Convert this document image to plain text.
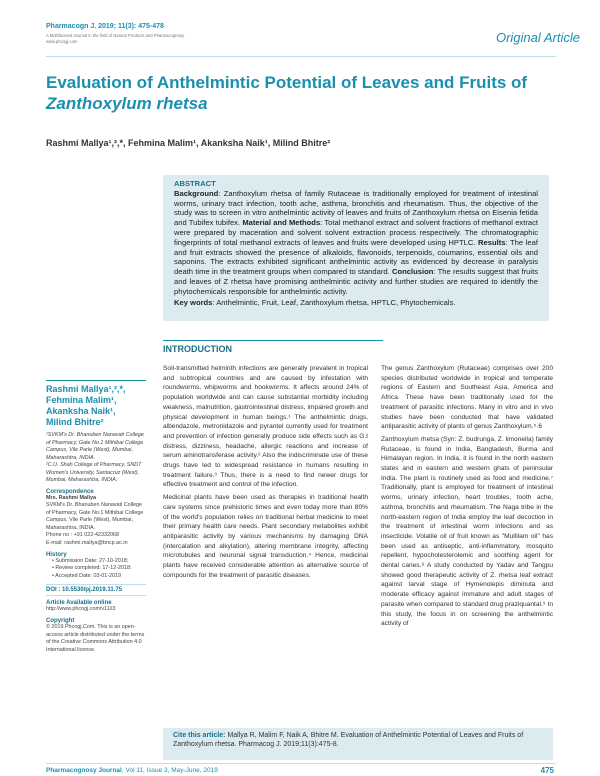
Pharmacogn J. 2019; 11(3): 475-478
A Multifaceted Journal in the field of Natural Products and Pharmacognosy
www.phcogj.com	Original Article
Evaluation of Anthelmintic Potential of Leaves and Fruits of
Zanthoxylum rhetsa
Rashmi Mallya¹,²,*, Fehmina Malim¹, Akanksha Naik¹, Milind Bhitre²
ABSTRACT
Background: Zanthoxylum rhetsa of family Rutaceae is traditionally employed for treatment of intestinal worms, urinary tract infection, tooth ache, asthma, bronchitis and rheumatism. Thus, the objective of the study was to screen in vitro anthelmintic activity of leaves and fruits of Zanthoxylum rhetsa on Eisenia fetida and Tubifex tubifex. Material and Methods: Total methanol extract and solvent fractions of methanol extract were prepared by maceration and solvent solvent extraction process respectively. The chromatographic fingerprints of total methanol extracts of leaves and fruits were developed using HPTLC. Results: The leaf and fruit extracts showed the presence of alkaloids, flavonoids, terpenoids, coumarins, essential oils and saponins. The extracts exhibited significant anthelmintic activity as evidenced by decrease in paralysis death time in the treatment groups when compared to standard. Conclusion: The results suggest that fruits and leaves of Z rhetsa have promising anthelmintic activity and further studies are required to identify the phytochemicals responsible for anthelmintic activity.
Key words: Anthelmintic, Fruit, Leaf, Zanthoxylum rhetsa, HPTLC, Phytochemicals.
INTRODUCTION
Rashmi Mallya¹,²,*,
Fehmina Malim¹,
Akanksha Naik¹,
Milind Bhitre²
¹SVKM's Dr. Bhanuben Nanavati College of Pharmacy, Gate No.1 Mithibai College Campus, Vile Parle (West), Mumbai, Maharashtra, INDIA.
²C.U. Shah College of Pharmacy, SNDT Women's University, Santacruz (West), Mumbai, Maharashtra, INDIA.
Correspondence
Mrs. Rashmi Mallya
SVKM's Dr. Bhanuben Nanavati College of Pharmacy, Gate No.1 Mithibai College Campus, Vile Parle (West), Mumbai, Maharashtra, INDIA.
Phone no : +91 022-42332068
E-mail: rashmi.mallya@bncp.ac.in
History
• Submission Date: 27-10-2018;
• Review completed: 17-12-2018;
• Accepted Date: 03-01-2019
DOI : 10.5530/pj.2019.11.75
Article Available online
http://www.phcogj.com/v11/i3
Copyright
© 2019 Phcogj.Com. This is an open-access article distributed under the terms of the Creative Commons Attribution 4.0 International license.

Soil-transmitted helminth infections are generally prevalent in tropical and subtropical countries and are caused by infestation with roundworms, whipworms and hookworms. It affects around 24% of population worldwide and can cause substantial morbidity including weakness, malnutrition, gastrointestinal distress, impaired growth and physical development in human beings.¹ The anthelmintic drugs, albendazole, metronidazole and pyrantel currently used for treatment and prevention of infection generally produce side effects such as G.I distress, dizziness, headache, allergic reactions and increase of serum aminotransferase activity.² Also the indiscriminate use of these drugs have led to widespread resistance in humans resulting in treatment failure.³ Thus, there is a need to find newer drugs for effective treatment and control of the infection.

Medicinal plants have been used as therapies in traditional health care systems since prehistoric times and even today more than 80% of the world's population relies on traditional herbal medicine to meet their primary health care needs. Plant secondary metabolites exhibit antiparasitic activity by various mechanisms by damaging DNA (intercalation and alkylation), altering membrane integrity, affecting microtubules and neuronal signal transduction.⁴ Hence, medicinal plants have received considerable attention as alternative source of compounds for the treatment of parasitic diseases.

The genus Zanthoxylum (Rutaceae) comprises over 200 species distributed worldwide in tropical and temperate regions of Eastern and Southeast Asia, America and Africa. These have been traditionally used for the treatment of parasitic infections. Many in vitro and in vivo studies have been conducted that have validated antiparasitic activity of plants of genus Zanthoxylum.⁵˒6

Zanthoxylum rhetsa (Syn: Z. budrunga, Z. limonella) family Rutaceae, is found in India, Bangladesh, Burma and Himalayan region. In India, it is found in the north eastern states and in eastern and western ghats of peninsular India. The plant is routinely used as food and medicine.⁷ Traditionally, plant is employed for treatment of intestinal worms, urinary infection, heart troubles, tooth ache, asthma, bronchitis and rheumatism. The Naga tribe in the north-eastern region of India employ the leaf decoction in the treatment of intestinal worm infections and as insecticide. Volatile oil of fruit known as "Mullilam oil" has been used as antiseptic, anti-inflammatory, mosquito repellent, hypocholesterolemic and soothing agent for dental caries.⁸ A study conducted by Yadav and Tangpu showed good therapeutic activity of Z. rhetsa leaf extract against larval stage of Hymenolepis diminuta and moderate efficacy against immature and adult stages of parasite when compared to standard drug praziquantal.⁹ In this study, the focus in on screening the anthelmintic activity of

Cite this article: Mallya R, Malim F, Naik A, Bhitre M. Evaluation of Anthelmintic Potential of Leaves and Fruits of Zanthoxylum rhetsa. Pharmacog J. 2019;11(3):475-8.
Pharmacognosy Journal, Vol 11, Issue 3, May-June, 2019	475
